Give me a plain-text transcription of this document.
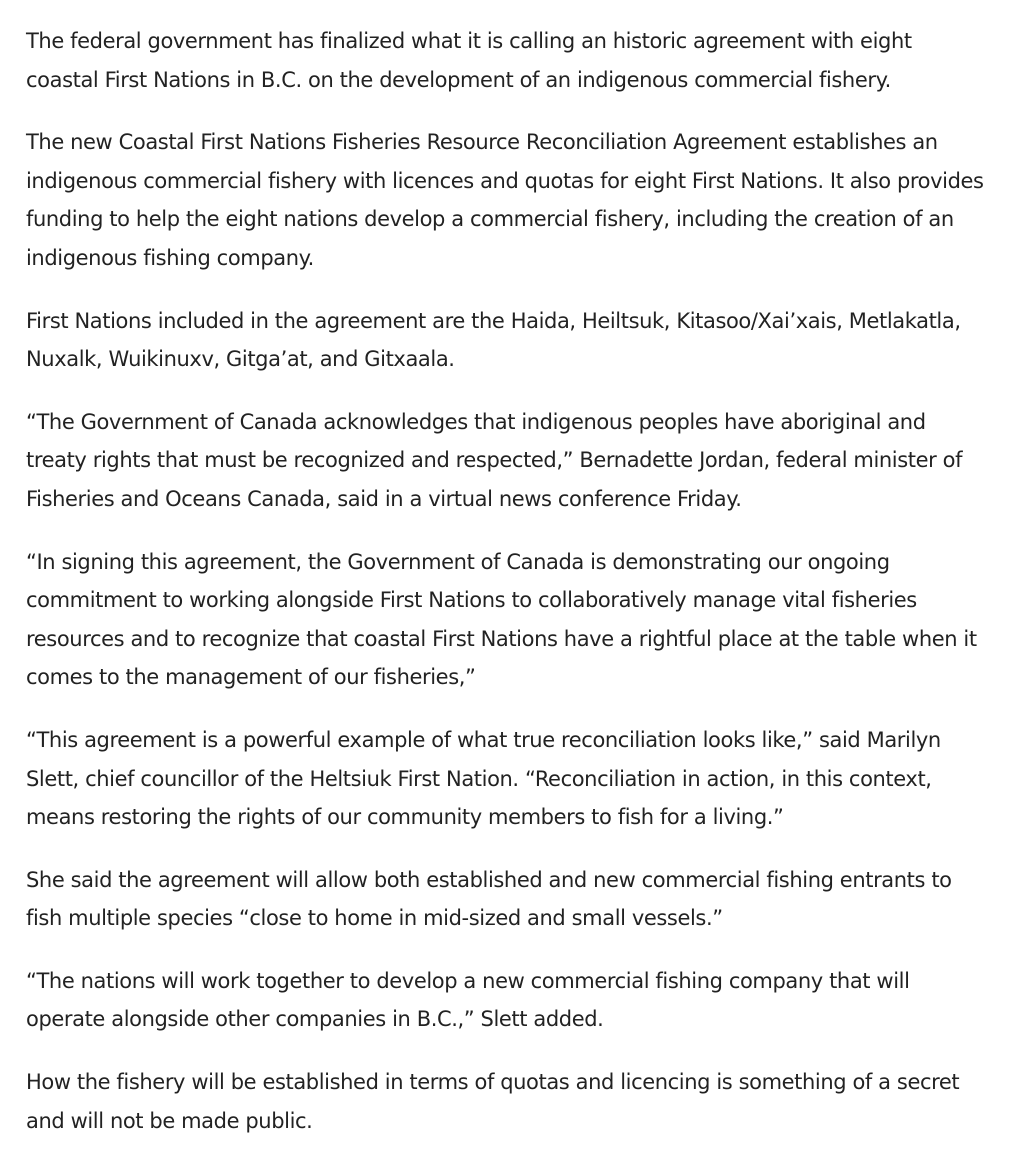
The federal government has finalized what it is calling an historic agreement with eight coastal First Nations in B.C. on the development of an indigenous commercial fishery.

The new Coastal First Nations Fisheries Resource Reconciliation Agreement establishes an indigenous commercial fishery with licences and quotas for eight First Nations. It also provides funding to help the eight nations develop a commercial fishery, including the creation of an indigenous fishing company.

First Nations included in the agreement are the Haida, Heiltsuk, Kitasoo/Xai’xais, Metlakatla, Nuxalk, Wuikinuxv, Gitga’at, and Gitxaala.

“The Government of Canada acknowledges that indigenous peoples have aboriginal and treaty rights that must be recognized and respected,” Bernadette Jordan, federal minister of Fisheries and Oceans Canada, said in a virtual news conference Friday.

“In signing this agreement, the Government of Canada is demonstrating our ongoing commitment to working alongside First Nations to collaboratively manage vital fisheries resources and to recognize that coastal First Nations have a rightful place at the table when it comes to the management of our fisheries,”

“This agreement is a powerful example of what true reconciliation looks like,” said Marilyn Slett, chief councillor of the Heltsiuk First Nation. “Reconciliation in action, in this context, means restoring the rights of our community members to fish for a living.”

She said the agreement will allow both established and new commercial fishing entrants to fish multiple species “close to home in mid-sized and small vessels.”

“The nations will work together to develop a new commercial fishing company that will operate alongside other companies in B.C.,” Slett added.

How the fishery will be established in terms of quotas and licencing is something of a secret and will not be made public.
